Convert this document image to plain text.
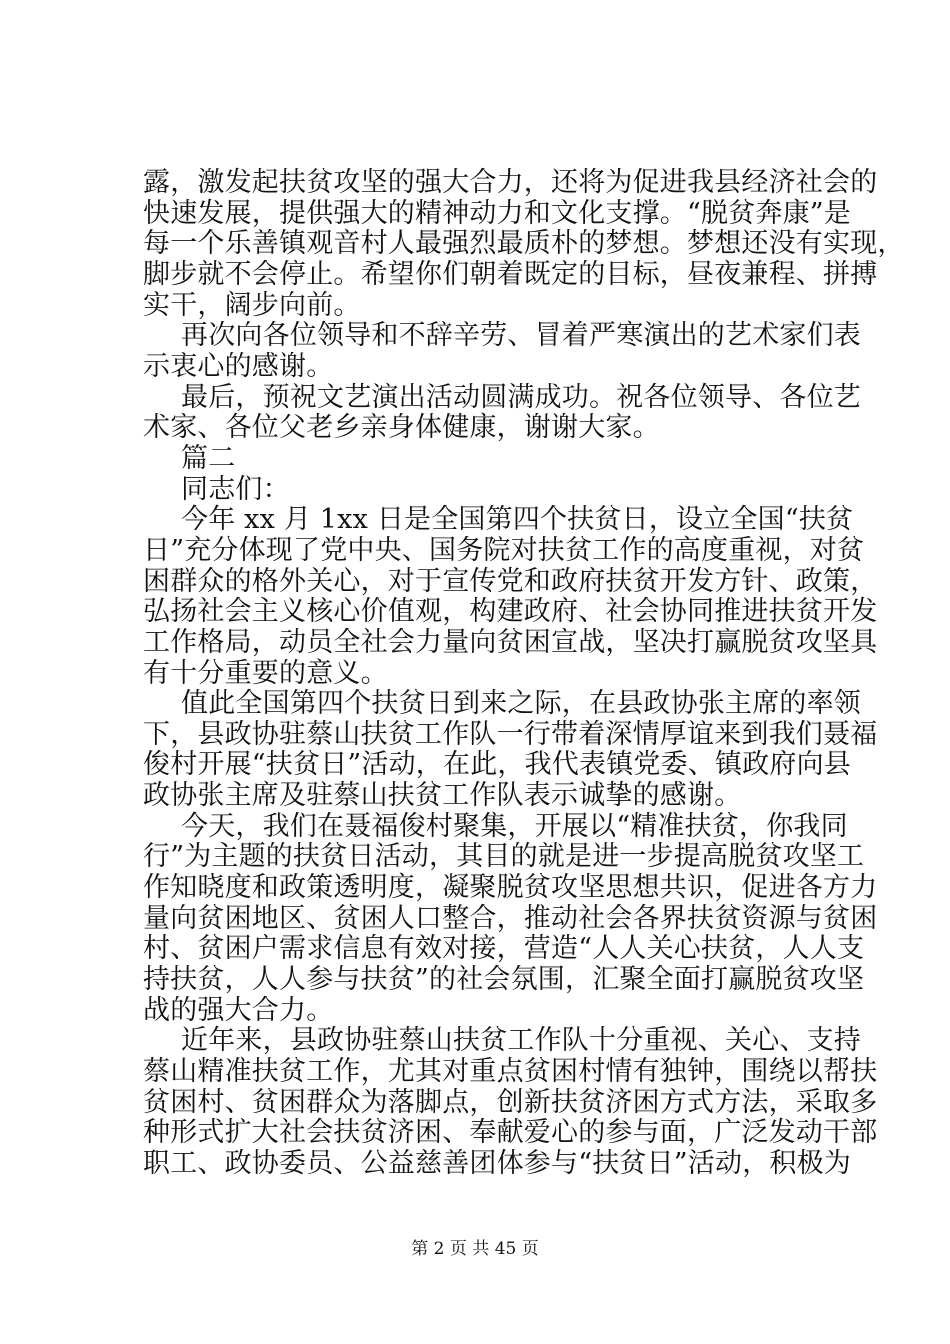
露，激发起扶贫攻坚的强大合力，还将为促进我县经济社会的
快速发展，提供强大的精神动力和文化支撑。“脱贫奔康”是
每一个乐善镇观音村人最强烈最质朴的梦想。梦想还没有实现，
脚步就不会停止。希望你们朝着既定的目标，昼夜兼程、拼搏
实干，阔步向前。
再次向各位领导和不辞辛劳、冒着严寒演出的艺术家们表
示衷心的感谢。
最后，预祝文艺演出活动圆满成功。祝各位领导、各位艺
术家、各位父老乡亲身体健康，谢谢大家。
篇二
同志们：
今年 xx 月 1xx 日是全国第四个扶贫日，设立全国“扶贫
日”充分体现了党中央、国务院对扶贫工作的高度重视，对贫
困群众的格外关心，对于宣传党和政府扶贫开发方针、政策，
弘扬社会主义核心价值观，构建政府、社会协同推进扶贫开发
工作格局，动员全社会力量向贫困宣战，坚决打赢脱贫攻坚具
有十分重要的意义。
值此全国第四个扶贫日到来之际，在县政协张主席的率领
下，县政协驻蔡山扶贫工作队一行带着深情厚谊来到我们聂福
俊村开展“扶贫日”活动，在此，我代表镇党委、镇政府向县
政协张主席及驻蔡山扶贫工作队表示诚挚的感谢。
今天，我们在聂福俊村聚集，开展以“精准扶贫，你我同
行”为主题的扶贫日活动，其目的就是进一步提高脱贫攻坚工
作知晓度和政策透明度，凝聚脱贫攻坚思想共识，促进各方力
量向贫困地区、贫困人口整合，推动社会各界扶贫资源与贫困
村、贫困户需求信息有效对接，营造“人人关心扶贫，人人支
持扶贫，人人参与扶贫”的社会氛围，汇聚全面打赢脱贫攻坚
战的强大合力。
近年来，县政协驻蔡山扶贫工作队十分重视、关心、支持
蔡山精准扶贫工作，尤其对重点贫困村情有独钟，围绕以帮扶
贫困村、贫困群众为落脚点，创新扶贫济困方式方法，采取多
种形式扩大社会扶贫济困、奉献爱心的参与面，广泛发动干部
职工、政协委员、公益慈善团体参与“扶贫日”活动，积极为
第 2 页 共 45 页
